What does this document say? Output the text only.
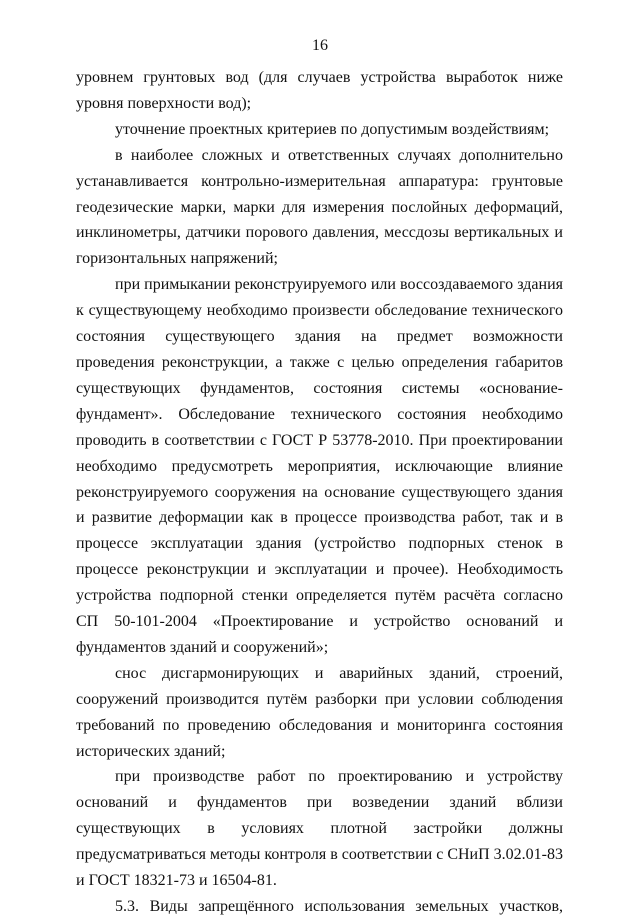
16

уровнем грунтовых вод (для случаев устройства выработок ниже уровня поверхности вод);

уточнение проектных критериев по допустимым воздействиям;

в наиболее сложных и ответственных случаях дополнительно устанавливается контрольно-измерительная аппаратура: грунтовые геодезические марки, марки для измерения послойных деформаций, инклинометры, датчики порового давления, мессдозы вертикальных и горизонтальных напряжений;

при примыкании реконструируемого или воссоздаваемого здания к существующему необходимо произвести обследование технического состояния существующего здания на предмет возможности проведения реконструкции, а также с целью определения габаритов существующих фундаментов, состояния системы «основание-фундамент». Обследование технического состояния необходимо проводить в соответствии с ГОСТ Р 53778-2010. При проектировании необходимо предусмотреть мероприятия, исключающие влияние реконструируемого сооружения на основание существующего здания и развитие деформации как в процессе производства работ, так и в процессе эксплуатации здания (устройство подпорных стенок в процессе реконструкции и эксплуатации и прочее). Необходимость устройства подпорной стенки определяется путём расчёта согласно СП 50-101-2004 «Проектирование и устройство оснований и фундаментов зданий и сооружений»;

снос дисгармонирующих и аварийных зданий, строений, сооружений производится путём разборки при условии соблюдения требований по проведению обследования и мониторинга состояния исторических зданий;

при производстве работ по проектированию и устройству оснований и фундаментов при возведении зданий вблизи существующих в условиях плотной застройки должны предусматриваться методы контроля в соответствии с СНиП 3.02.01-83 и ГОСТ 18321-73 и 16504-81.

5.3. Виды запрещённого использования земельных участков,
